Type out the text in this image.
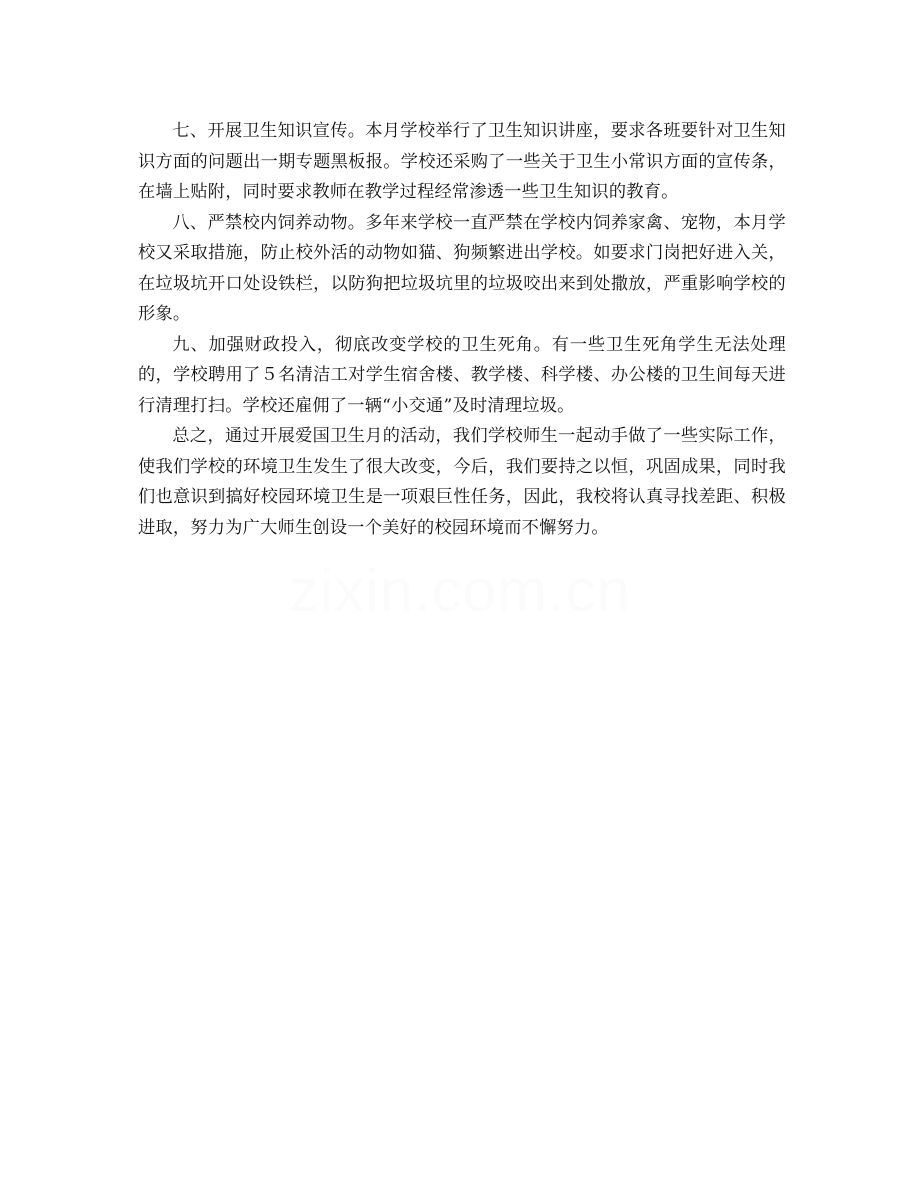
七、开展卫生知识宣传。本月学校举行了卫生知识讲座，要求各班要针对卫生知识方面的问题出一期专题黑板报。学校还采购了一些关于卫生小常识方面的宣传条，在墙上贴附，同时要求教师在教学过程经常渗透一些卫生知识的教育。

八、严禁校内饲养动物。多年来学校一直严禁在学校内饲养家禽、宠物，本月学校又采取措施，防止校外活的动物如猫、狗频繁进出学校。如要求门岗把好进入关，在垃圾坑开口处设铁栏，以防狗把垃圾坑里的垃圾咬出来到处撒放，严重影响学校的形象。

九、加强财政投入，彻底改变学校的卫生死角。有一些卫生死角学生无法处理的，学校聘用了５名清洁工对学生宿舍楼、教学楼、科学楼、办公楼的卫生间每天进行清理打扫。学校还雇佣了一辆“小交通”及时清理垃圾。

总之，通过开展爱国卫生月的活动，我们学校师生一起动手做了一些实际工作，使我们学校的环境卫生发生了很大改变，今后，我们要持之以恒，巩固成果，同时我们也意识到搞好校园环境卫生是一项艰巨性任务，因此，我校将认真寻找差距、积极进取，努力为广大师生创设一个美好的校园环境而不懈努力。

zixin.com.cn
